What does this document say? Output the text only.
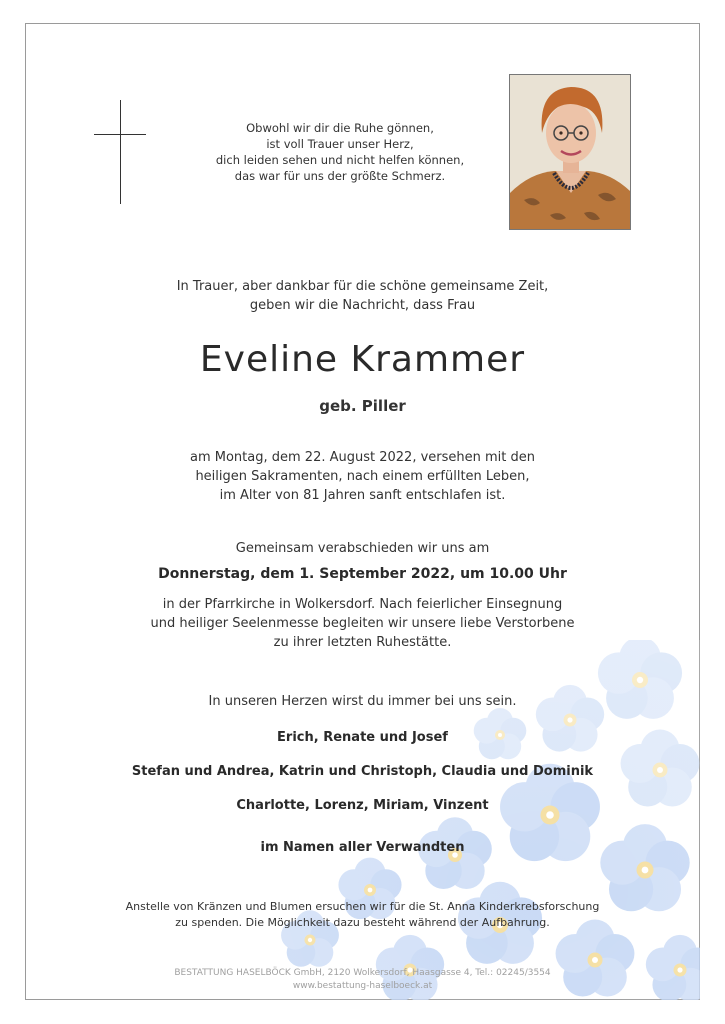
Obwohl wir dir die Ruhe gönnen,
ist voll Trauer unser Herz,
dich leiden sehen und nicht helfen können,
das war für uns der größte Schmerz.
In Trauer, aber dankbar für die schöne gemeinsame Zeit,
geben wir die Nachricht, dass Frau
Eveline Krammer
geb. Piller
am Montag, dem 22. August 2022, versehen mit den
heiligen Sakramenten, nach einem erfüllten Leben,
im Alter von 81 Jahren sanft entschlafen ist.
Gemeinsam verabschieden wir uns am
Donnerstag, dem 1. September 2022, um 10.00 Uhr
in der Pfarrkirche in Wolkersdorf. Nach feierlicher Einsegnung
und heiliger Seelenmesse begleiten wir unsere liebe Verstorbene
zu ihrer letzten Ruhestätte.
In unseren Herzen wirst du immer bei uns sein.
Erich, Renate und Josef
Stefan und Andrea, Katrin und Christoph, Claudia und Dominik
Charlotte, Lorenz, Miriam, Vinzent
im Namen aller Verwandten
Anstelle von Kränzen und Blumen ersuchen wir für die St. Anna Kinderkrebsforschung
zu spenden. Die Möglichkeit dazu besteht während der Aufbahrung.
BESTATTUNG HASELBÖCK GmbH, 2120 Wolkersdorf, Haasgasse 4, Tel.: 02245/3554
www.bestattung-haselboeck.at
